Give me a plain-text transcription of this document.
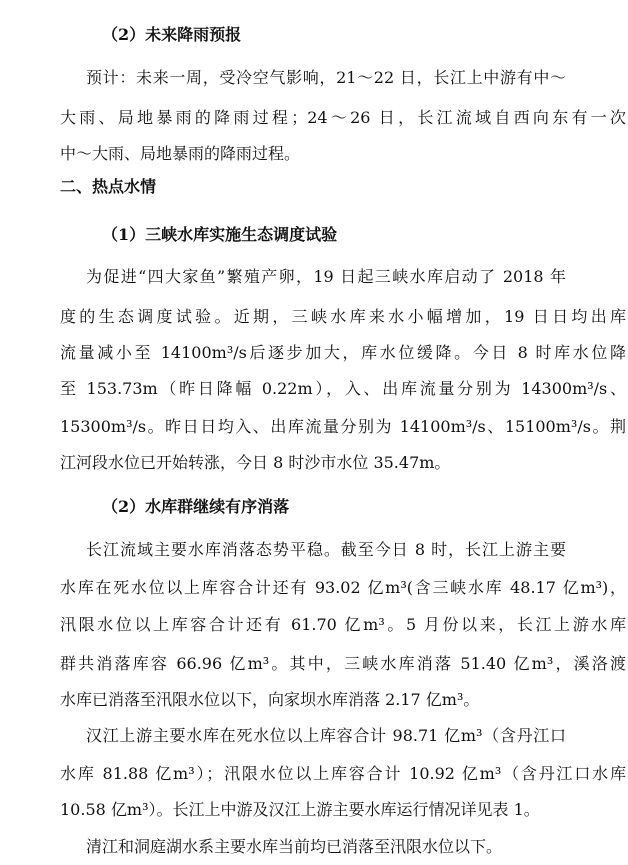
（2）未来降雨预报
预计：未来一周，受冷空气影响，21～22 日，长江上中游有中～
大雨、局地暴雨的降雨过程；24～26 日，长江流域自西向东有一次
中～大雨、局地暴雨的降雨过程。
二、热点水情
（1）三峡水库实施生态调度试验
为促进“四大家鱼”繁殖产卵，19 日起三峡水库启动了 2018 年
度的生态调度试验。近期，三峡水库来水小幅增加，19 日日均出库
流量减小至 14100m³/s后逐步加大，库水位缓降。今日 8 时库水位降
至 153.73m（昨日降幅 0.22m），入、出库流量分别为 14300m³/s、
15300m³/s。昨日日均入、出库流量分别为 14100m³/s、15100m³/s。荆
江河段水位已开始转涨，今日 8 时沙市水位 35.47m。
（2）水库群继续有序消落
长江流域主要水库消落态势平稳。截至今日 8 时，长江上游主要
水库在死水位以上库容合计还有 93.02 亿m³(含三峡水库 48.17 亿m³)，
汛限水位以上库容合计还有 61.70 亿m³。5 月份以来，长江上游水库
群共消落库容 66.96 亿m³。其中，三峡水库消落 51.40 亿m³，溪洛渡
水库已消落至汛限水位以下，向家坝水库消落 2.17 亿m³。
汉江上游主要水库在死水位以上库容合计 98.71 亿m³（含丹江口
水库 81.88 亿m³）；汛限水位以上库容合计 10.92 亿m³（含丹江口水库
10.58 亿m³）。长江上中游及汉江上游主要水库运行情况详见表 1。
清江和洞庭湖水系主要水库当前均已消落至汛限水位以下。
